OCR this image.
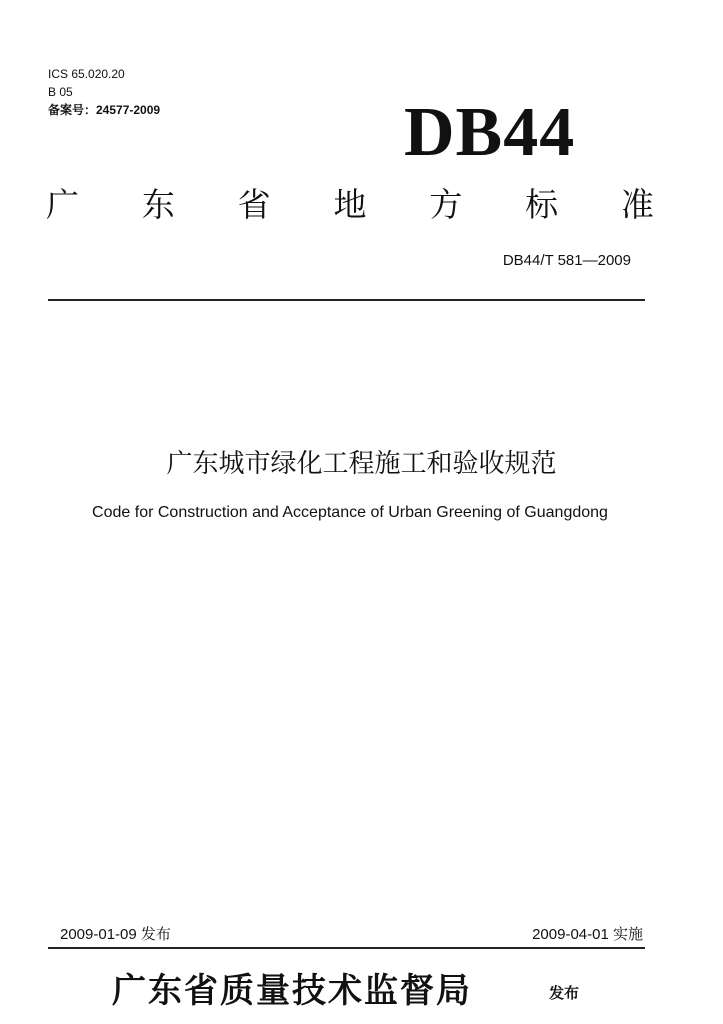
ICS 65.020.20
B 05
备案号：24577-2009	DB44
广 东 省 地 方 标 准
DB44/T 581—2009
广东城市绿化工程施工和验收规范
Code for Construction and Acceptance of Urban Greening of Guangdong
2009-01-09 发布	2009-04-01 实施
广东省质量技术监督局	发布
